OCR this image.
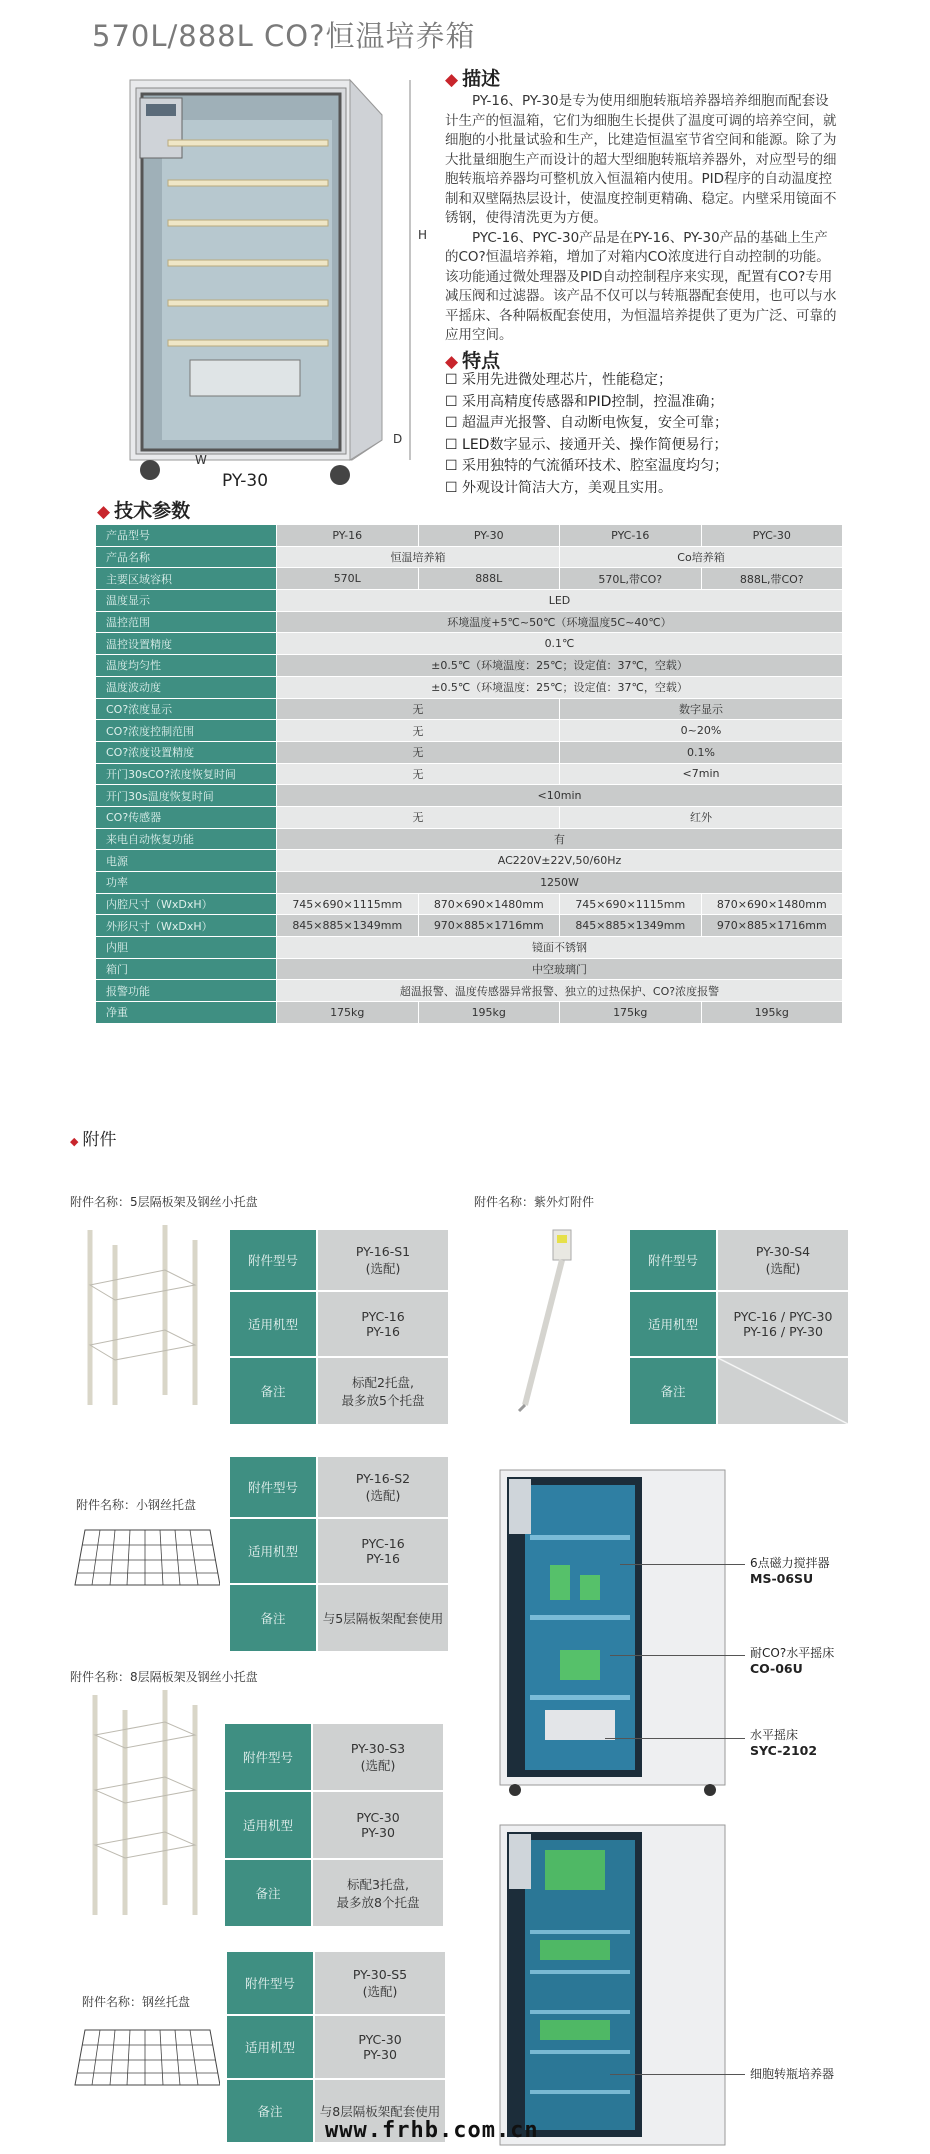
570L/888L CO?恒温培养箱
H
W
D
PY-30
◆ 描述

PY-16、PY-30是专为使用细胞转瓶培养器培养细胞而配套设计生产的恒温箱，它们为细胞生长提供了温度可调的培养空间，就细胞的小批量试验和生产，比建造恒温室节省空间和能源。除了为大批量细胞生产而设计的超大型细胞转瓶培养器外，对应型号的细胞转瓶培养器均可整机放入恒温箱内使用。PID程序的自动温度控制和双壁隔热层设计，使温度控制更精确、稳定。内壁采用镜面不锈钢，使得清洗更为方便。

PYC-16、PYC-30产品是在PY-16、PY-30产品的基础上生产的CO?恒温培养箱，增加了对箱内CO浓度进行自动控制的功能。该功能通过微处理器及PID自动控制程序来实现，配置有CO?专用减压阀和过滤器。该产品不仅可以与转瓶器配套使用，也可以与水平摇床、各种隔板配套使用，为恒温培养提供了更为广泛、可靠的应用空间。

◆ 特点
☐ 采用先进微处理芯片，性能稳定；
☐ 采用高精度传感器和PID控制，控温准确；
☐ 超温声光报警、自动断电恢复，安全可靠；
☐ LED数字显示、接通开关、操作简便易行；
☐ 采用独特的气流循环技术、腔室温度均匀；
☐ 外观设计简洁大方，美观且实用。
◆ 技术参数
产品型号	PY-16	PY-30	PYC-16	PYC-30
产品名称	恒温培养箱		Co培养箱	
主要区域容积	570L	888L	570L,带CO?	888L,带CO?
温度显示	LED			
温控范围	环境温度+5℃~50℃（环境温度5C~40℃）			
温控设置精度	0.1℃			
温度均匀性	±0.5℃（环境温度：25℃；设定值：37℃，空载）			
温度波动度	±0.5℃（环境温度：25℃；设定值：37℃，空载）			
CO?浓度显示	无		数字显示	
CO?浓度控制范围	无		0~20%	
CO?浓度设置精度	无		0.1%	
开门30sCO?浓度恢复时间	无		<7min	
开门30s温度恢复时间	<10min			
CO?传感器	无		红外	
来电自动恢复功能	有			
电源	AC220V±22V,50/60Hz			
功率	1250W			
内腔尺寸（WxDxH）	745×690×1115mm	870×690×1480mm	745×690×1115mm	870×690×1480mm
外形尺寸（WxDxH）	845×885×1349mm	970×885×1716mm	845×885×1349mm	970×885×1716mm
内胆	镜面不锈钢			
箱门	中空玻璃门			
报警功能	超温报警、温度传感器异常报警、独立的过热保护、CO?浓度报警			
净重	175kg	195kg	175kg	195kg
◆ 附件
附件名称：5层隔板架及钢丝小托盘
附件型号	PY-16-S1
(选配)
适用机型	PYC-16
PY-16
备注	标配2托盘,
最多放5个托盘
附件名称：紫外灯附件
附件型号	PY-30-S4
(选配)
适用机型	PYC-16 / PYC-30
PY-16 / PY-30
备注	
附件名称：小钢丝托盘
附件型号	PY-16-S2
(选配)
适用机型	PYC-16
PY-16
备注	与5层隔板架配套使用
附件名称：8层隔板架及钢丝小托盘
附件型号	PY-30-S3
(选配)
适用机型	PYC-30
PY-30
备注	标配3托盘,
最多放8个托盘
附件名称：钢丝托盘
附件型号	PY-30-S5
(选配)
适用机型	PYC-30
PY-30
备注	与8层隔板架配套使用
6点磁力搅拌器
MS-06SU
耐CO?水平摇床
CO-06U
水平摇床
SYC-2102
细胞转瓶培养器
www.frhb.com.cn
